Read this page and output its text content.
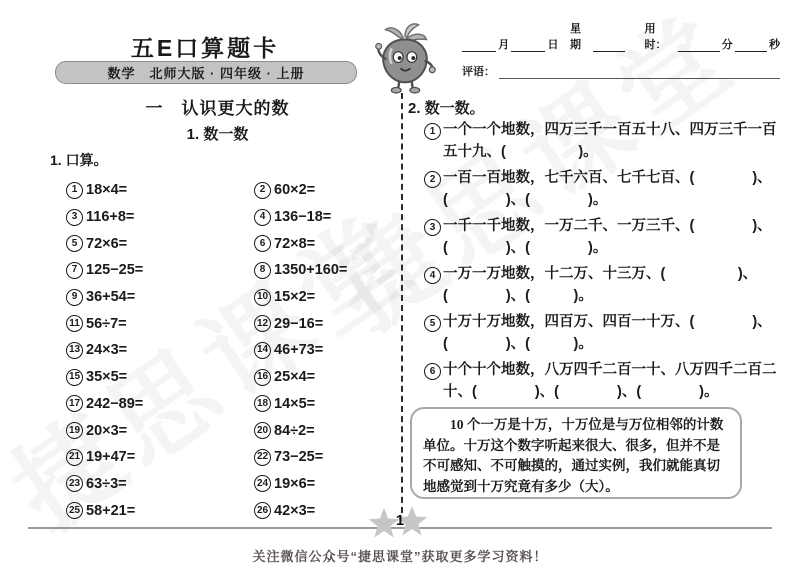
五E口算题卡
数学　北师大版 · 四年级 · 上册
月	日
星期
用时：	分	秒
评语：
一　认识更大的数
1. 数一数
1. 口算。
1 18×4=	2 60×2=
3 116+8=	4 136−18=
5 72×6=	6 72×8=
7 125−25=	8 1350+160=
9 36+54=	10 15×2=
11 56÷7=	12 29−16=
13 24×3=	14 46+73=
15 35×5=	16 25×4=
17 242−89=	18 14×5=
19 20×3=	20 84÷2=
21 19+47=	22 73−25=
23 63÷3=	24 19×6=
25 58+21=	26 42×3=
2. 数一数。
1 一个一个地数，四万三千一百五十八、四万三千一百五十九、(　　　　　)。
2 一百一百地数，七千六百、七千七百、(　　　　)、(　　　　)、(　　　　)。
3 一千一千地数，一万二千、一万三千、(　　　　)、(　　　　)、(　　　　)。
4 一万一万地数，十二万、十三万、(　　　　　)、(　　　　)、(　　　)。
5 十万十万地数，四百万、四百一十万、(　　　　)、(　　　　)、(　　　)。
6 十个十个地数，八万四千二百一十、八万四千二百二十、(　　　　)、(　　　　)、(　　　　)。

10 个一万是十万，十万位是与万位相邻的计数单位。十万这个数字听起来很大、很多，但并不是不可感知、不可触摸的，通过实例，我们就能真切地感觉到十万究竟有多少（大）。

1
关注微信公众号“捷思课堂”获取更多学习资料！
